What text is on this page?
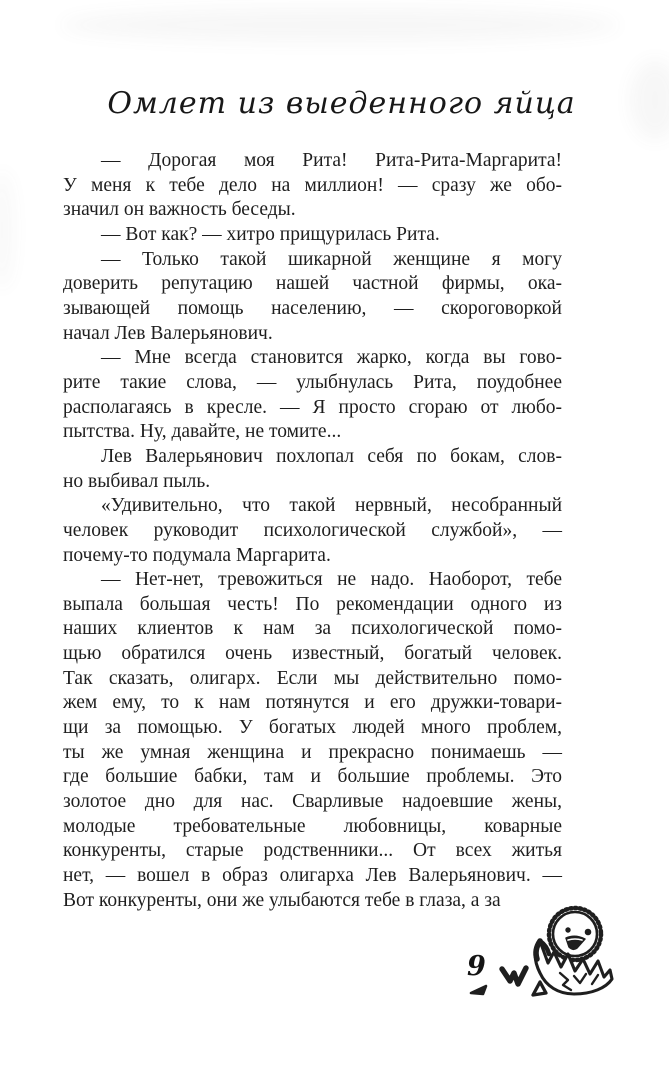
Омлет из выеденного яйца
— Дорогая моя Рита! Рита-Рита-Маргарита!
У меня к тебе дело на миллион! — сразу же обо-
значил он важность беседы.
— Вот как? — хитро прищурилась Рита.
— Только такой шикарной женщине я могу
доверить репутацию нашей частной фирмы, ока-
зывающей помощь населению, — скороговоркой
начал Лев Валерьянович.
— Мне всегда становится жарко, когда вы гово-
рите такие слова, — улыбнулась Рита, поудобнее
располагаясь в кресле. — Я просто сгораю от любо-
пытства. Ну, давайте, не томите...
Лев Валерьянович похлопал себя по бокам, слов-
но выбивал пыль.
«Удивительно, что такой нервный, несобранный
человек руководит психологической службой», —
почему-то подумала Маргарита.
— Нет-нет, тревожиться не надо. Наоборот, тебе
выпала большая честь! По рекомендации одного из
наших клиентов к нам за психологической помо-
щью обратился очень известный, богатый человек.
Так сказать, олигарх. Если мы действительно помо-
жем ему, то к нам потянутся и его дружки-товари-
щи за помощью. У богатых людей много проблем,
ты же умная женщина и прекрасно понимаешь —
где большие бабки, там и большие проблемы. Это
золотое дно для нас. Сварливые надоевшие жены,
молодые требовательные любовницы, коварные
конкуренты, старые родственники... От всех житья
нет, — вошел в образ олигарха Лев Валерьянович. —
Вот конкуренты, они же улыбаются тебе в глаза, а за
9
